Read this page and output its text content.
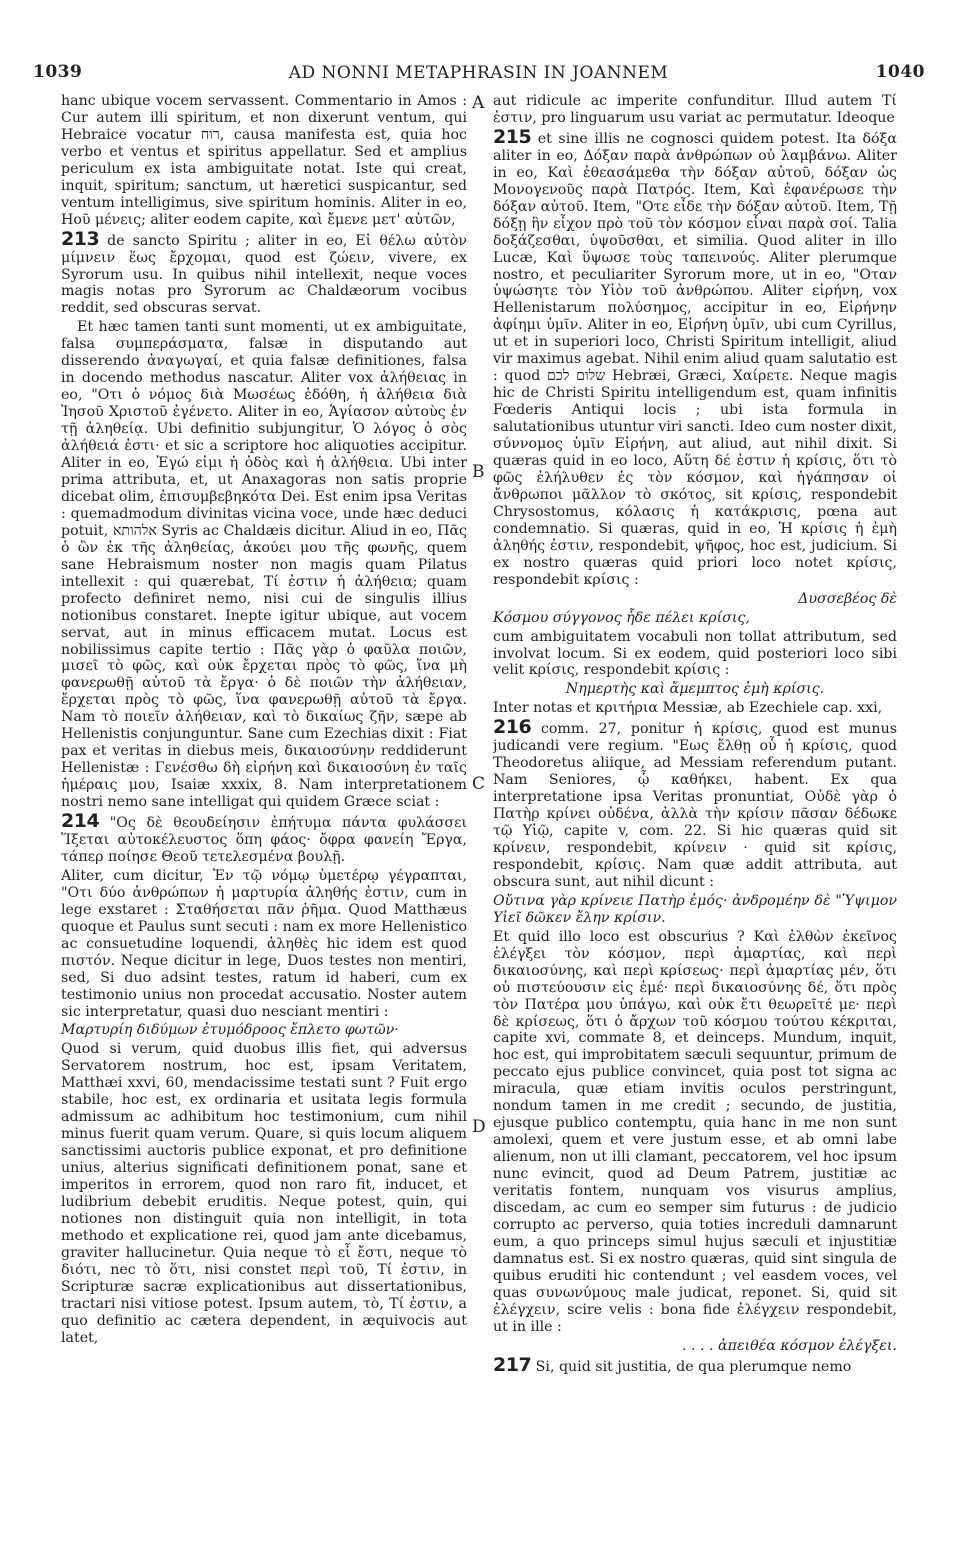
1039	AD NONNI METAPHRASIN IN JOANNEM	1040
A
B
C
D

hanc ubique vocem servassent. Commentario in Amos : Cur autem illi spiritum, et non dixerunt ventum, qui Hebraice vocatur רוח, causa manifesta est, quia hoc verbo et ventus et spiritus appellatur. Sed et amplius periculum ex ista ambiguitate notat. Iste qui creat, inquit, spiritum; sanctum, ut hæretici suspicantur, sed ventum intelligimus, sive spiritum hominis. Aliter in eo, Ηοῦ μένεις; aliter eodem capite, καὶ ἔμενε μετ' αὐτῶν,

213 de sancto Spiritu ; aliter in eo, Εἰ θέλω αὐτὸν μίμνειν ἕως ἔρχομαι, quod est ζώειν, vivere, ex Syrorum usu. In quibus nihil intellexit, neque voces magis notas pro Syrorum ac Chaldæorum vocibus reddit, sed obscuras servat.

Et hæc tamen tanti sunt momenti, ut ex ambiguitate, falsa συμπεράσματα, falsæ in disputando aut disserendo ἀναγωγαί, et quia falsæ definitiones, falsa in docendo methodus nascatur. Aliter vox ἀλήθειας in eo, "Οτι ὁ νόμος διὰ Μωσέως ἐδόθη, ἡ ἀλήθεια διὰ Ἰησοῦ Χριστοῦ ἐγένετο. Aliter in eo, Ἁγίασον αὐτοὺς ἐν τῇ ἀληθείᾳ. Ubi definitio subjungitur, Ὁ λόγος ὁ σὸς ἀλήθειά ἐστι· et sic a scriptore hoc aliquoties accipitur. Aliter in eo, Ἐγώ εἰμι ἡ ὁδὸς καὶ ἡ ἀλήθεια. Ubi inter prima attributa, et, ut Anaxagoras non satis proprie dicebat olim, ἐπισυμβεβηκότα Dei. Est enim ipsa Veritas : quemadmodum divinitas vicina voce, unde hæc deduci potuit, אלהותא Syris ac Chaldæis dicitur. Aliud in eo, Πᾶς ὁ ὢν ἐκ τῆς ἀληθείας, ἀκούει μου τῆς φωνῆς, quem sane Hebraismum noster non magis quam Pilatus intellexit : qui quærebat, Τί ἐστιν ἡ ἀλήθεια; quam profecto definiret nemo, nisi cui de singulis illius notionibus constaret. Inepte igitur ubique, aut vocem servat, aut in minus efficacem mutat. Locus est nobilissimus capite tertio : Πᾶς γὰρ ὁ φαῦλα ποιῶν, μισεῖ τὸ φῶς, καὶ οὐκ ἔρχεται πρὸς τὸ φῶς, ἵνα μὴ φανερωθῇ αὐτοῦ τὰ ἔργα· ὁ δὲ ποιῶν τὴν ἀλήθειαν, ἔρχεται πρὸς τὸ φῶς, ἵνα φανερωθῇ αὐτοῦ τὰ ἔργα. Nam τὸ ποιεῖν ἀλήθειαν, καὶ τὸ δικαίως ζῆν, sæpe ab Hellenistis conjunguntur. Sane cum Ezechias dixit : Fiat pax et veritas in diebus meis, δικαιοσύνην reddiderunt Hellenistæ : Γενέσθω δὴ εἰρήνη καὶ δικαιοσύνη ἐν ταῖς ἡμέραις μου, Isaiæ xxxix, 8. Nam interpretationem nostri nemo sane intelligat qui quidem Græce sciat :

214 "Ος δὲ θεουδείησιν ἐπήτυμα πάντα φυλάσσει Ἵξεται αὐτοκέλευστος ὅπη φάος· ὄφρα φανείη Ἔργα, τάπερ ποίησε Θεοῦ τετελεσμένα βουλῇ.

Aliter, cum dicitur, Ἐν τῷ νόμῳ ὑμετέρῳ γέγραπται, "Οτι δύο ἀνθρώπων ἡ μαρτυρία ἀληθής ἐστιν, cum in lege exstaret : Σταθήσεται πᾶν ῥῆμα. Quod Matthæus quoque et Paulus sunt secuti : nam ex more Hellenistico ac consuetudine loquendi, ἀληθὲς hic idem est quod πιστόν. Neque dicitur in lege, Duos testes non mentiri, sed, Si duo adsint testes, ratum id haberi, cum ex testimonio unius non procedat accusatio. Noster autem sic interpretatur, quasi duo nesciant mentiri :

Μαρτυρίη διδύμων ἐτυμόδροος ἔπλετο φωτῶν·

Quod si verum, quid duobus illis fiet, qui adversus Servatorem nostrum, hoc est, ipsam Veritatem, Matthæi xxvi, 60, mendacissime testati sunt ? Fuit ergo stabile, hoc est, ex ordinaria et usitata legis formula admissum ac adhibitum hoc testimonium, cum nihil minus fuerit quam verum. Quare, si quis locum aliquem sanctissimi auctoris publice exponat, et pro definitione unius, alterius significati definitionem ponat, sane et imperitos in errorem, quod non raro fit, inducet, et ludibrium debebit eruditis. Neque potest, quin, qui notiones non distinguit quia non intelligit, in tota methodo et explicatione rei, quod jam ante dicebamus, graviter hallucinetur. Quia neque τὸ εἶ ἔστι, neque τὸ διότι, nec τὸ ὅτι, nisi constet περὶ τοῦ, Τί ἐστιν, in Scripturæ sacræ explicationibus aut dissertationibus, tractari nisi vitiose potest. Ipsum autem, τὸ, Τί ἐστιν, a quo definitio ac cætera dependent, in æquivocis aut latet,

aut ridicule ac imperite confunditur. Illud autem Τί ἐστιν, pro linguarum usu variat ac permutatur. Ideoque

215 et sine illis ne cognosci quidem potest. Ita δόξα aliter in eo, Δόξαν παρὰ ἀνθρώπων οὐ λαμβάνω. Aliter in eo, Καὶ ἐθεασάμεθα τὴν δόξαν αὐτοῦ, δόξαν ὡς Μονογενοῦς παρὰ Πατρός. Item, Καὶ ἐφανέρωσε τὴν δόξαν αὐτοῦ. Item, "Οτε εἶδε τὴν δόξαν αὐτοῦ. Item, Τῇ δόξῃ ἣν εἶχον πρὸ τοῦ τὸν κόσμον εἶναι παρὰ σοί. Talia δοξάζεσθαι, ὑψοῦσθαι, et similia. Quod aliter in illo Lucæ, Καὶ ὕψωσε τοὺς ταπεινούς. Aliter plerumque nostro, et peculiariter Syrorum more, ut in eo, "Οταν ὑψώσητε τὸν Υἱὸν τοῦ ἀνθρώπου. Aliter εἰρήνη, vox Hellenistarum πολύσημος, accipitur in eo, Εἰρήνην ἀφίημι ὑμῖν. Aliter in eo, Εἰρήνη ὑμῖν, ubi cum Cyrillus, ut et in superiori loco, Christi Spiritum intelligit, aliud vir maximus agebat. Nihil enim aliud quam salutatio est : quod שלום לכם Hebræi, Græci, Χαίρετε. Neque magis hic de Christi Spiritu intelligendum est, quam infinitis Fœderis Antiqui locis ; ubi ista formula in salutationibus utuntur viri sancti. Ideo cum noster dixit, σύννομος ὑμῖν Εἰρήνη, aut aliud, aut nihil dixit. Si quæras quid in eo loco, Αὕτη δέ ἐστιν ἡ κρίσις, ὅτι τὸ φῶς ἐλήλυθεν ἐς τὸν κόσμον, καὶ ἠγάπησαν οἱ ἄνθρωποι μᾶλλον τὸ σκότος, sit κρίσις, respondebit Chrysostomus, κόλασις ἡ κατάκρισις, pœna aut condemnatio. Si quæras, quid in eo, Ἡ κρίσις ἡ ἐμὴ ἀληθής ἐστιν, respondebit, ψῆφος, hoc est, judicium. Si ex nostro quæras quid priori loco notet κρίσις, respondebit κρίσις :

Δυσσεβέος δὲ

Κόσμου σύγγονος ἧδε πέλει κρίσις,

cum ambiguitatem vocabuli non tollat attributum, sed involvat locum. Si ex eodem, quid posteriori loco sibi velit κρίσις, respondebit κρίσις :

Νημερτὴς καὶ ἄμεμπτος ἐμὴ κρίσις.

Inter notas et κριτήρια Messiæ, ab Ezechiele cap. xxi,

216 comm. 27, ponitur ἡ κρίσις, quod est munus judicandi vere regium. "Εως ἔλθῃ οὗ ἡ κρίσις, quod Theodoretus aliique, ad Messiam referendum putant. Nam Seniores, ᾧ καθήκει, habent. Ex qua interpretatione ipsa Veritas pronuntiat, Οὐδὲ γὰρ ὁ Πατὴρ κρίνει οὐδένα, ἀλλὰ τὴν κρίσιν πᾶσαν δέδωκε τῷ Υἱῷ, capite v, com. 22. Si hic quæras quid sit κρίνειν, respondebit, κρίνειν · quid sit κρίσις, respondebit, κρίσις. Nam quæ addit attributa, aut obscura sunt, aut nihil dicunt :

Οὔτινα γὰρ κρίνειε Πατὴρ ἐμός· ἀνδρομέην δὲ "Ὑψιμον Υἱεῖ δῶκεν ἔλην κρίσιν.

Et quid illo loco est obscurius ? Καὶ ἐλθὼν ἐκεῖνος ἐλέγξει τὸν κόσμον, περὶ ἁμαρτίας, καὶ περὶ δικαιοσύνης, καὶ περὶ κρίσεως· περὶ ἁμαρτίας μέν, ὅτι οὐ πιστεύουσιν εἰς ἐμέ· περὶ δικαιοσύνης δέ, ὅτι πρὸς τὸν Πατέρα μου ὑπάγω, καὶ οὐκ ἔτι θεωρεῖτέ με· περὶ δὲ κρίσεως, ὅτι ὁ ἄρχων τοῦ κόσμου τούτου κέκριται, capite xvi, commate 8, et deinceps. Mundum, inquit, hoc est, qui improbitatem sæculi sequuntur, primum de peccato ejus publice convincet, quia post tot signa ac miracula, quæ etiam invitis oculos perstringunt, nondum tamen in me credit ; secundo, de justitia, ejusque publico contemptu, quia hanc in me non sunt amolexi, quem et vere justum esse, et ab omni labe alienum, non ut illi clamant, peccatorem, vel hoc ipsum nunc evincit, quod ad Deum Patrem, justitiæ ac veritatis fontem, nunquam vos visurus amplius, discedam, ac cum eo semper sim futurus : de judicio corrupto ac perverso, quia toties increduli damnarunt eum, a quo princeps simul hujus sæculi et injustitiæ damnatus est. Si ex nostro quæras, quid sint singula de quibus eruditi hic contendunt ; vel easdem voces, vel quas συνωνύμους male judicat, reponet. Si, quid sit ἐλέγχειν, scire velis : bona fide ἐλέγχειν respondebit, ut in ille :

. . . . ἀπειθέα κόσμον ἐλέγξει.

217 Si, quid sit justitia, de qua plerumque nemo
